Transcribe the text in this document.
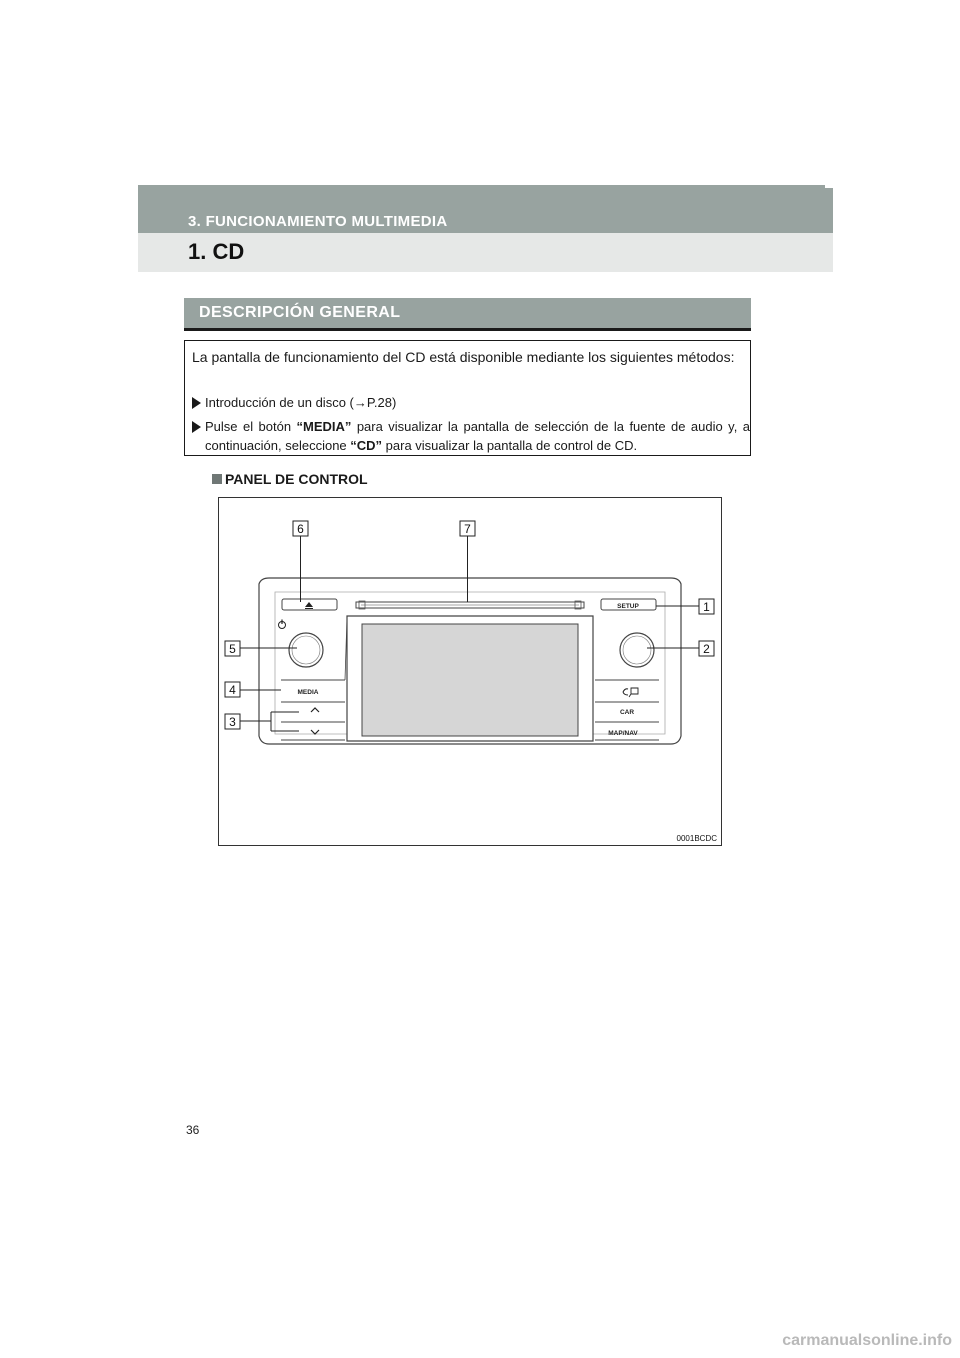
3. FUNCIONAMIENTO MULTIMEDIA
1. CD
DESCRIPCIÓN GENERAL
La pantalla de funcionamiento del CD está disponible mediante los siguientes métodos:
Introducción de un disco (→P.28)
Pulse el botón “MEDIA” para visualizar la pantalla de selección de la fuente de audio y, a continuación, seleccione “CD” para visualizar la pantalla de control de CD.
PANEL DE CONTROL
SETUP
MEDIA
CAR
MAP/NAV
6	7
1
2
5
4
3
0001BCDC
36
carmanualsonline.info
